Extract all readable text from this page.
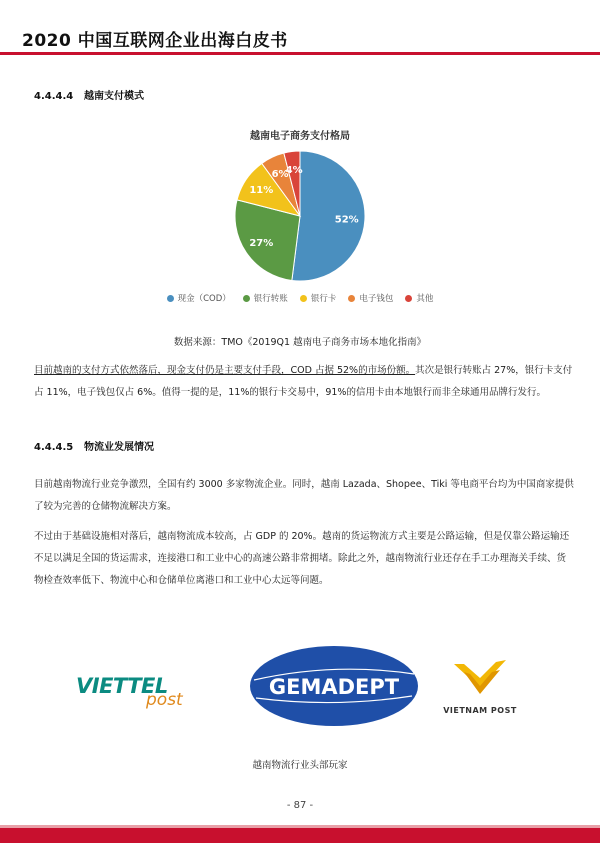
2020 中国互联网企业出海白皮书
4.4.4.4 越南支付模式
越南电子商务支付格局
52%
27%
11%
6%
4%
现金（COD）	银行转账	银行卡	电子钱包	其他
数据来源：TMO《2019Q1 越南电子商务市场本地化指南》
目前越南的支付方式依然落后，现金支付仍是主要支付手段，COD 占据 52%的市场份额。其次是银行转账占 27%，银行卡支付占 11%，电子钱包仅占 6%。值得一提的是，11%的银行卡交易中，91%的信用卡由本地银行而非全球通用品牌行发行。
4.4.4.5 物流业发展情况
目前越南物流行业竞争激烈，全国有约 3000 多家物流企业。同时，越南 Lazada、Shopee、Tiki 等电商平台均为中国商家提供了较为完善的仓储物流解决方案。
不过由于基础设施相对落后，越南物流成本较高，占 GDP 的 20%。越南的货运物流方式主要是公路运输，但是仅靠公路运输还不足以满足全国的货运需求，连接港口和工业中心的高速公路非常拥堵。除此之外，越南物流行业还存在手工办理海关手续、货物检查效率低下、物流中心和仓储单位离港口和工业中心太远等问题。
VIETTEL
post
GEMADEPT
VIETNAM POST
越南物流行业头部玩家
- 87 -
